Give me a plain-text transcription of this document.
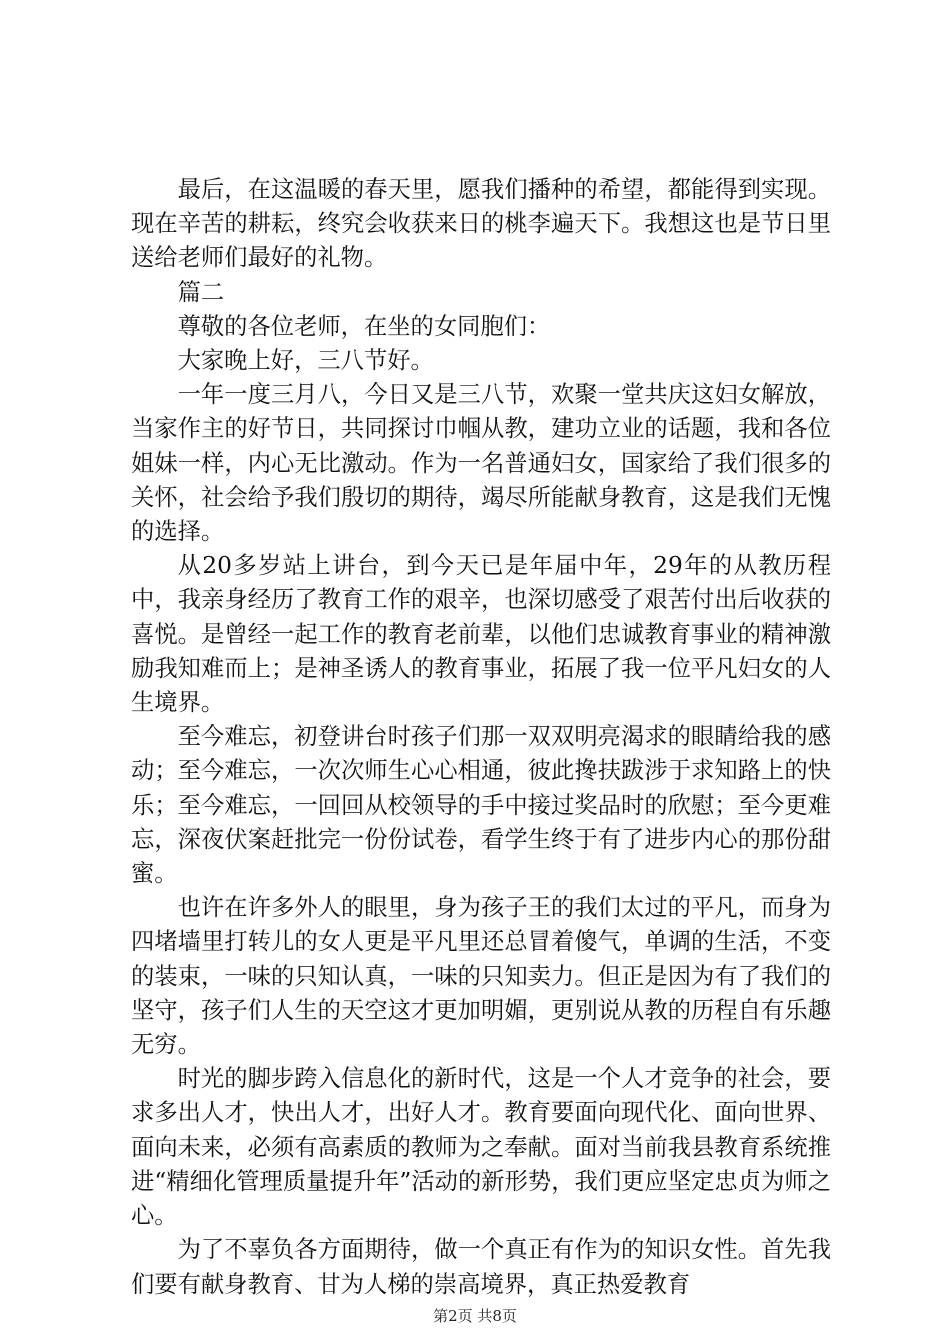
最后，在这温暖的春天里，愿我们播种的希望，都能得到实现。现在辛苦的耕耘，终究会收获来日的桃李遍天下。我想这也是节日里送给老师们最好的礼物。

篇二

尊敬的各位老师，在坐的女同胞们：

大家晚上好，三八节好。

一年一度三月八，今日又是三八节，欢聚一堂共庆这妇女解放，当家作主的好节日，共同探讨巾帼从教，建功立业的话题，我和各位姐妹一样，内心无比激动。作为一名普通妇女，国家给了我们很多的关怀，社会给予我们殷切的期待，竭尽所能献身教育，这是我们无愧的选择。

从20多岁站上讲台，到今天已是年届中年，29年的从教历程中，我亲身经历了教育工作的艰辛，也深切感受了艰苦付出后收获的喜悦。是曾经一起工作的教育老前辈，以他们忠诚教育事业的精神激励我知难而上；是神圣诱人的教育事业，拓展了我一位平凡妇女的人生境界。

至今难忘，初登讲台时孩子们那一双双明亮渴求的眼睛给我的感动；至今难忘，一次次师生心心相通，彼此搀扶跋涉于求知路上的快乐；至今难忘，一回回从校领导的手中接过奖品时的欣慰；至今更难忘，深夜伏案赶批完一份份试卷，看学生终于有了进步内心的那份甜蜜。

也许在许多外人的眼里，身为孩子王的我们太过的平凡，而身为四堵墙里打转儿的女人更是平凡里还总冒着傻气，单调的生活，不变的装束，一味的只知认真，一味的只知卖力。但正是因为有了我们的坚守，孩子们人生的天空这才更加明媚，更别说从教的历程自有乐趣无穷。

时光的脚步跨入信息化的新时代，这是一个人才竞争的社会，要求多出人才，快出人才，出好人才。教育要面向现代化、面向世界、面向未来，必须有高素质的教师为之奉献。面对当前我县教育系统推进“精细化管理质量提升年”活动的新形势，我们更应坚定忠贞为师之心。

为了不辜负各方面期待，做一个真正有作为的知识女性。首先我们要有献身教育、甘为人梯的崇高境界，真正热爱教育

第2页 共8页
